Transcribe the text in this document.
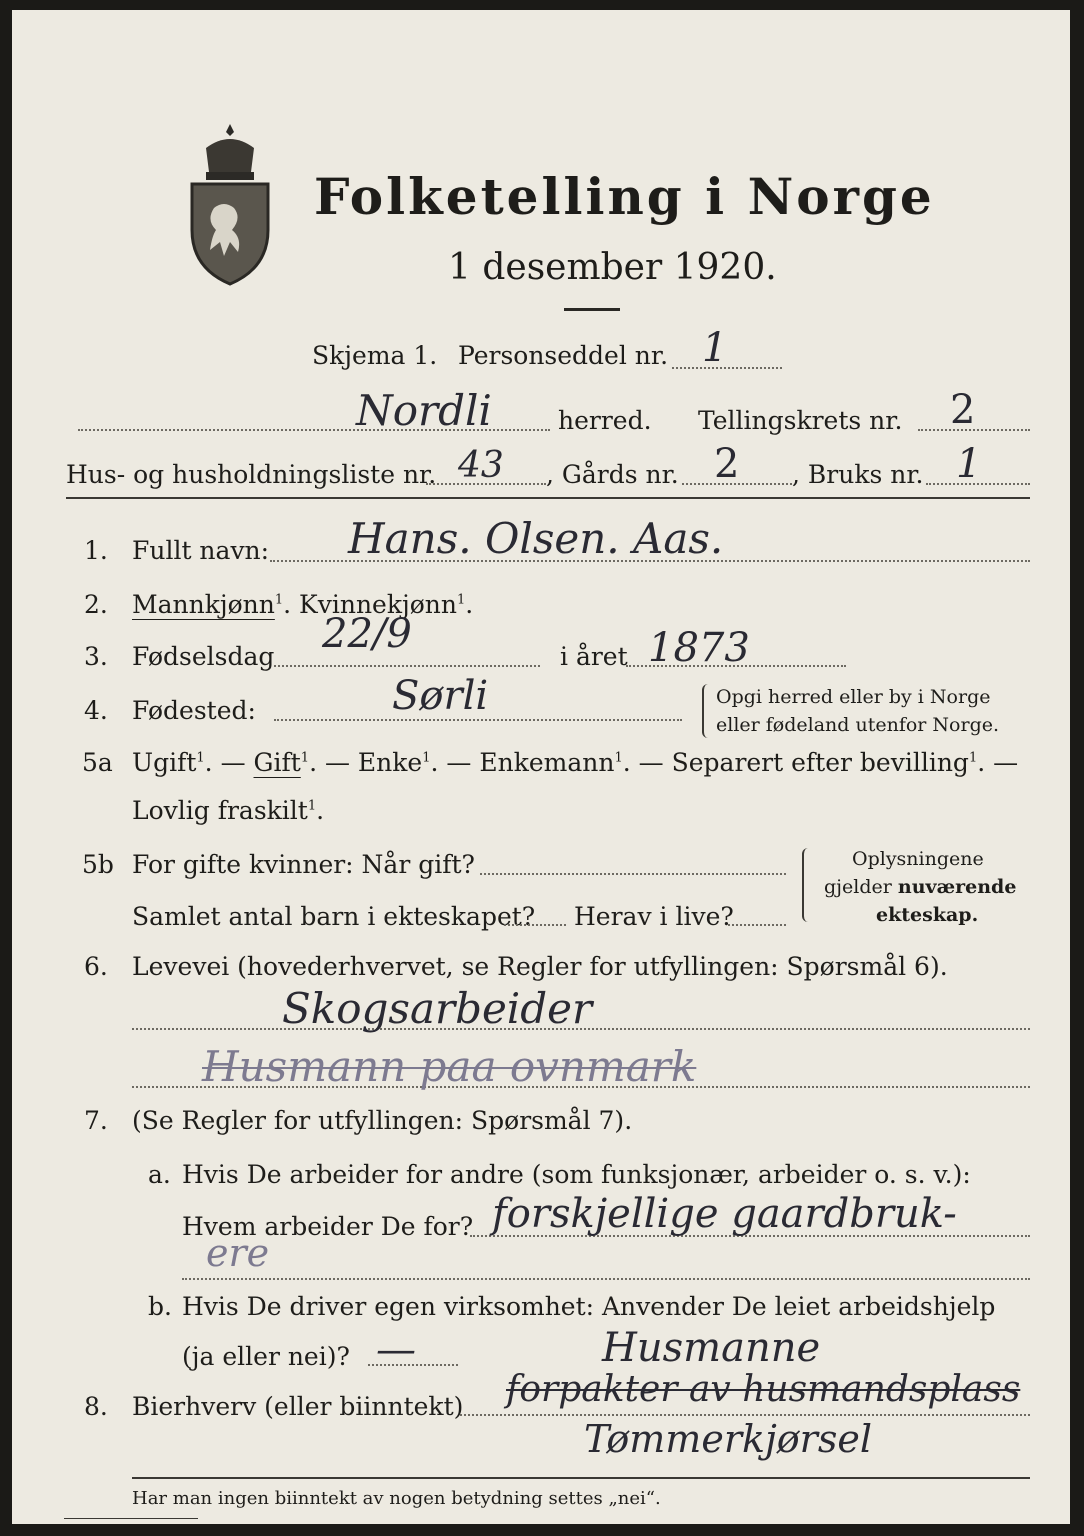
Folketelling i Norge
1 desember 1920.
Skjema 1. Personseddel nr. 1
Nordli	herred. Tellingskrets nr. 2
Hus- og husholdningsliste nr. 43 , Gårds nr. 2 , Bruks nr. 1
1. Fullt navn: Hans. Olsen. Aas.
2. Mannkjønn$^1$. Kvinnekjønn$^1$.
3. Fødselsdag 22/9	i året 1873
4. Fødested:	Sørli	Opgi herred eller by i Norge
eller fødeland utenfor Norge.
5a Ugift$^1$. — Gift$^1$. — Enke$^1$. — Enkemann$^1$. — Separert efter bevilling$^1$. —
Lovlig fraskilt$^1$.
5b For gifte kvinner: Når gift?
Samlet antal barn i ekteskapet? Herav i live?
Oplysningene
gjelder nuværende
ekteskap.
6. Levevei (hovederhvervet, se Regler for utfyllingen: Spørsmål 6).
Skogsarbeider
Husmann paa ovnmark
7. (Se Regler for utfyllingen: Spørsmål 7).
a. Hvis De arbeider for andre (som funksjonær, arbeider o. s. v.):
Hvem arbeider De for? forskjellige gaardbruk-
ere
b. Hvis De driver egen virksomhet: Anvender De leiet arbeidshjelp
(ja eller nei)? —	Husmanne
8. Bierhverv (eller biinntekt) forpakter av husmandsplass
Tømmerkjørsel
Har man ingen biinntekt av nogen betydning settes „nei“.
